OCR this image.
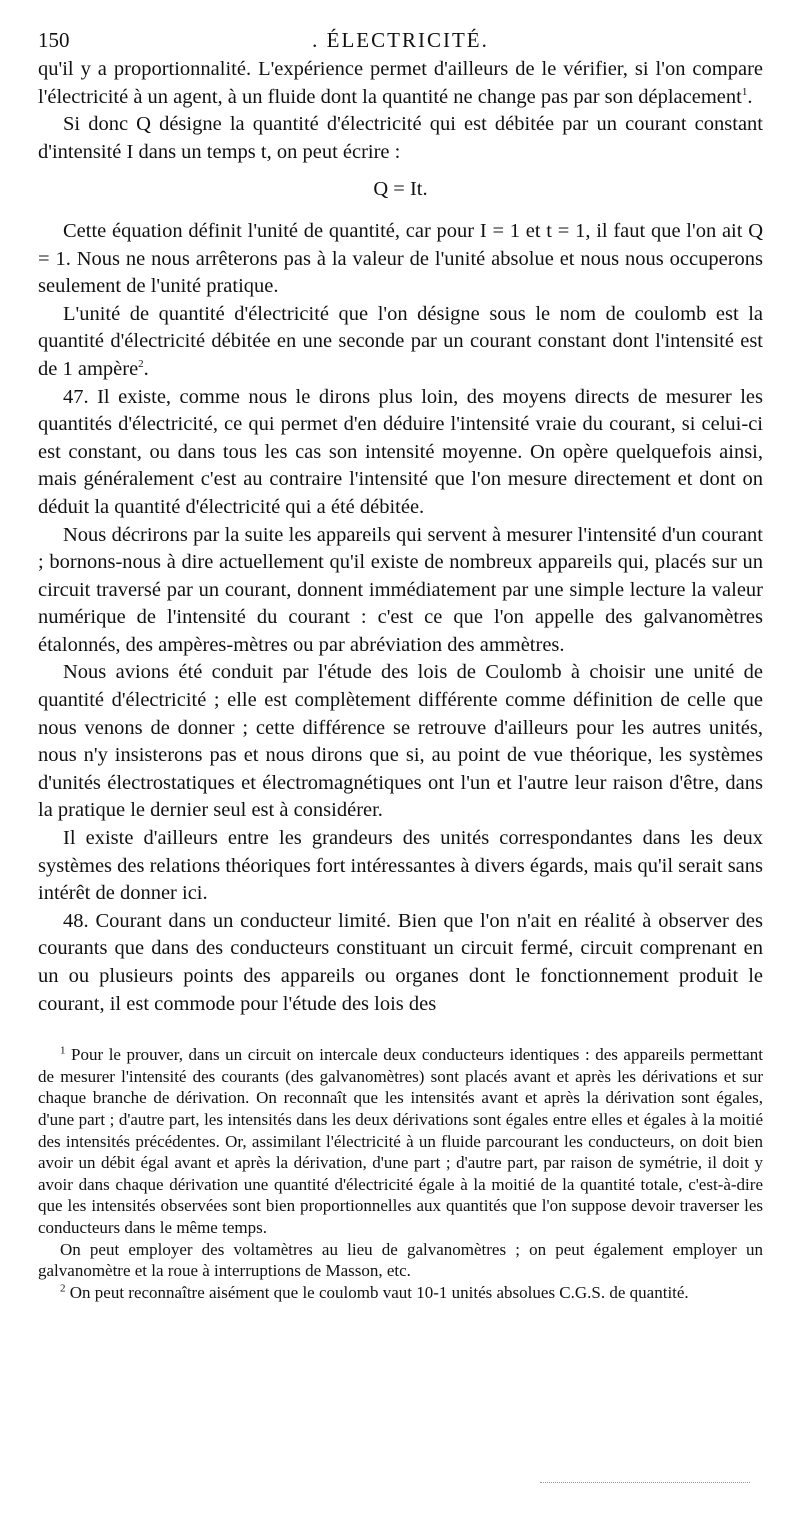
150	. ÉLECTRICITÉ.

qu'il y a proportionnalité. L'expérience permet d'ailleurs de le vérifier, si l'on compare l'électricité à un agent, à un fluide dont la quantité ne change pas par son déplacement$^1$.

Si donc Q désigne la quantité d'électricité qui est débitée par un courant constant d'intensité I dans un temps t, on peut écrire :

Q = It.

Cette équation définit l'unité de quantité, car pour I = 1 et t = 1, il faut que l'on ait Q = 1. Nous ne nous arrêterons pas à la valeur de l'unité absolue et nous nous occuperons seulement de l'unité pratique.

L'unité de quantité d'électricité que l'on désigne sous le nom de coulomb est la quantité d'électricité débitée en une seconde par un courant constant dont l'intensité est de 1 ampère$^2$.

47. Il existe, comme nous le dirons plus loin, des moyens directs de mesurer les quantités d'électricité, ce qui permet d'en déduire l'intensité vraie du courant, si celui-ci est constant, ou dans tous les cas son intensité moyenne. On opère quelquefois ainsi, mais généralement c'est au contraire l'intensité que l'on mesure directement et dont on déduit la quantité d'électricité qui a été débitée.

Nous décrirons par la suite les appareils qui servent à mesurer l'intensité d'un courant ; bornons-nous à dire actuellement qu'il existe de nombreux appareils qui, placés sur un circuit traversé par un courant, donnent immédiatement par une simple lecture la valeur numérique de l'intensité du courant : c'est ce que l'on appelle des galvanomètres étalonnés, des ampères-mètres ou par abréviation des ammètres.

Nous avions été conduit par l'étude des lois de Coulomb à choisir une unité de quantité d'électricité ; elle est complètement différente comme définition de celle que nous venons de donner ; cette différence se retrouve d'ailleurs pour les autres unités, nous n'y insisterons pas et nous dirons que si, au point de vue théorique, les systèmes d'unités électrostatiques et électromagnétiques ont l'un et l'autre leur raison d'être, dans la pratique le dernier seul est à considérer.

Il existe d'ailleurs entre les grandeurs des unités correspondantes dans les deux systèmes des relations théoriques fort intéressantes à divers égards, mais qu'il serait sans intérêt de donner ici.

48. Courant dans un conducteur limité. Bien que l'on n'ait en réalité à observer des courants que dans des conducteurs constituant un circuit fermé, circuit comprenant en un ou plusieurs points des appareils ou organes dont le fonctionnement produit le courant, il est commode pour l'étude des lois des

$^1$ Pour le prouver, dans un circuit on intercale deux conducteurs identiques : des appareils permettant de mesurer l'intensité des courants (des galvanomètres) sont placés avant et après les dérivations et sur chaque branche de dérivation. On reconnaît que les intensités avant et après la dérivation sont égales, d'une part ; d'autre part, les intensités dans les deux dérivations sont égales entre elles et égales à la moitié des intensités précédentes. Or, assimilant l'électricité à un fluide parcourant les conducteurs, on doit bien avoir un débit égal avant et après la dérivation, d'une part ; d'autre part, par raison de symétrie, il doit y avoir dans chaque dérivation une quantité d'électricité égale à la moitié de la quantité totale, c'est-à-dire que les intensités observées sont bien proportionnelles aux quantités que l'on suppose devoir traverser les conducteurs dans le même temps.

On peut employer des voltamètres au lieu de galvanomètres ; on peut également employer un galvanomètre et la roue à interruptions de Masson, etc.

$^2$ On peut reconnaître aisément que le coulomb vaut 10-1 unités absolues C.G.S. de quantité.
